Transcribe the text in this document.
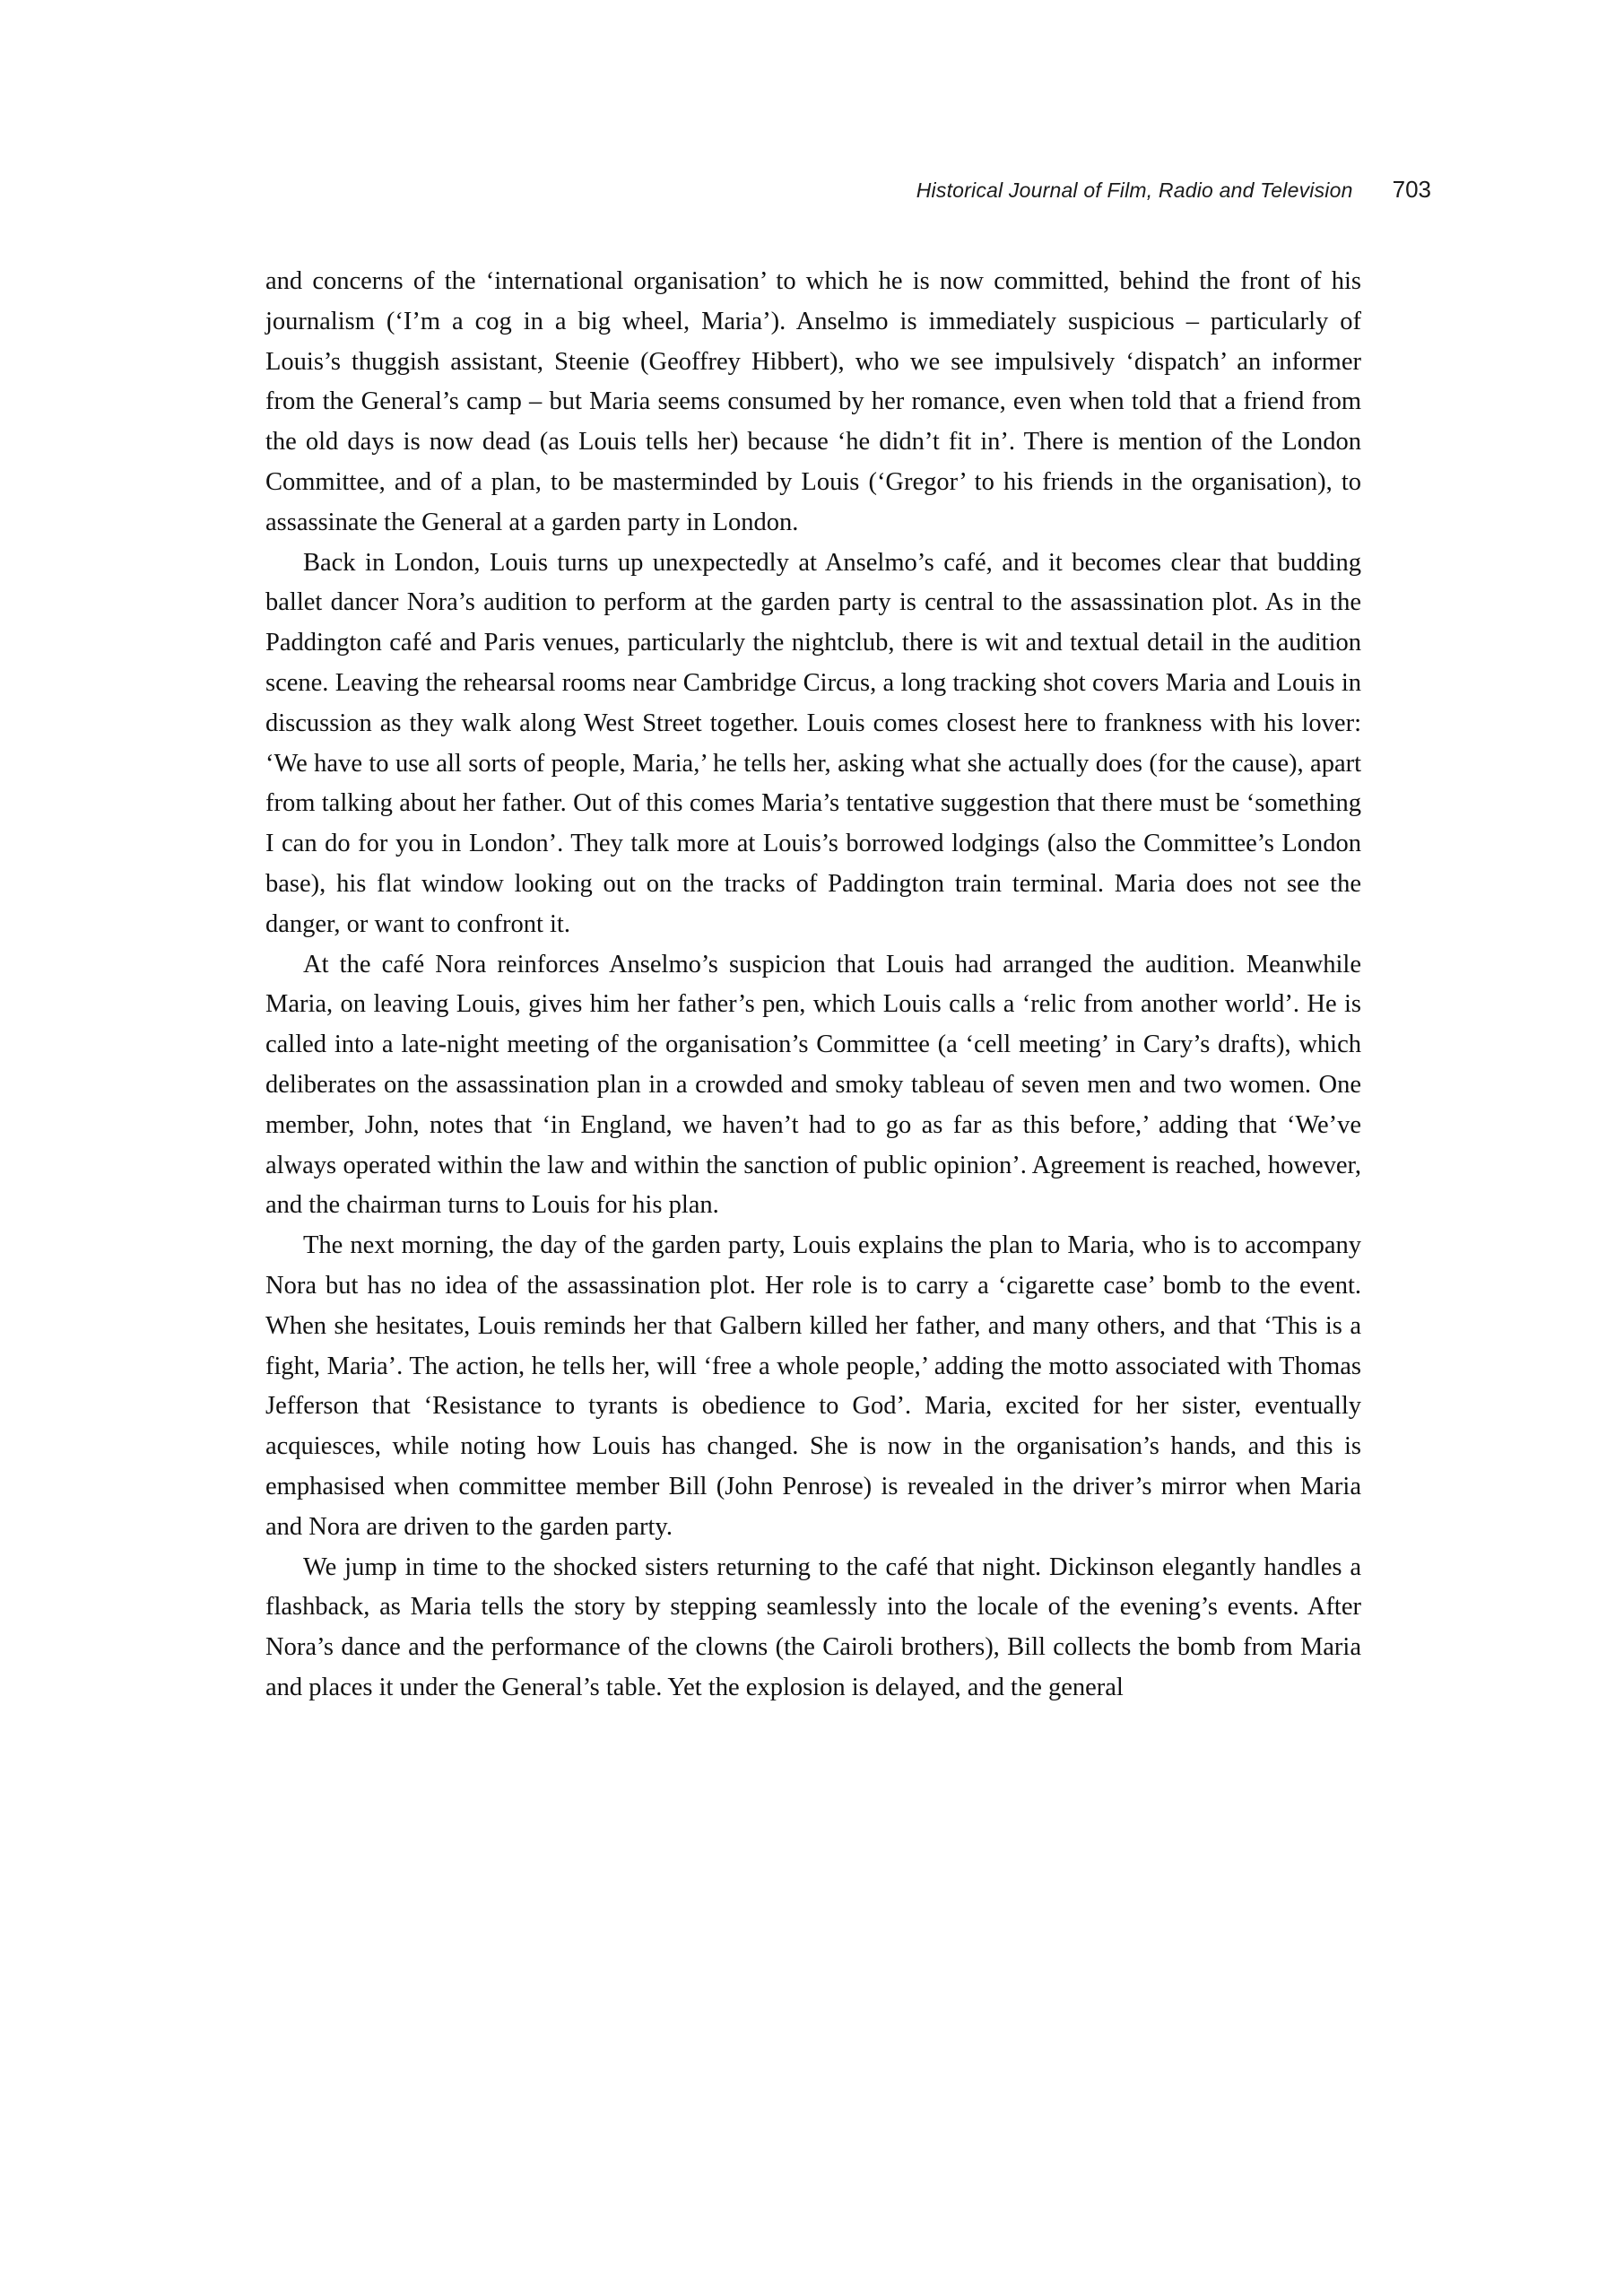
Historical Journal of Film, Radio and Television 703

and concerns of the ‘international organisation’ to which he is now committed, behind the front of his journalism (‘I’m a cog in a big wheel, Maria’). Anselmo is immediately suspicious – particularly of Louis’s thuggish assistant, Steenie (Geoffrey Hibbert), who we see impulsively ‘dispatch’ an informer from the General’s camp – but Maria seems consumed by her romance, even when told that a friend from the old days is now dead (as Louis tells her) because ‘he didn’t fit in’. There is mention of the London Committee, and of a plan, to be masterminded by Louis (‘Gregor’ to his friends in the organisation), to assassinate the General at a garden party in London.

Back in London, Louis turns up unexpectedly at Anselmo’s café, and it becomes clear that budding ballet dancer Nora’s audition to perform at the garden party is central to the assassination plot. As in the Paddington café and Paris venues, particularly the nightclub, there is wit and textual detail in the audition scene. Leaving the rehearsal rooms near Cambridge Circus, a long tracking shot covers Maria and Louis in discussion as they walk along West Street together. Louis comes closest here to frankness with his lover: ‘We have to use all sorts of people, Maria,’ he tells her, asking what she actually does (for the cause), apart from talking about her father. Out of this comes Maria’s tentative suggestion that there must be ‘something I can do for you in London’. They talk more at Louis’s borrowed lodgings (also the Committee’s London base), his flat window looking out on the tracks of Paddington train terminal. Maria does not see the danger, or want to confront it.

At the café Nora reinforces Anselmo’s suspicion that Louis had arranged the audition. Meanwhile Maria, on leaving Louis, gives him her father’s pen, which Louis calls a ‘relic from another world’. He is called into a late-night meeting of the organisation’s Committee (a ‘cell meeting’ in Cary’s drafts), which deliberates on the assassination plan in a crowded and smoky tableau of seven men and two women. One member, John, notes that ‘in England, we haven’t had to go as far as this before,’ adding that ‘We’ve always operated within the law and within the sanction of public opinion’. Agreement is reached, however, and the chairman turns to Louis for his plan.

The next morning, the day of the garden party, Louis explains the plan to Maria, who is to accompany Nora but has no idea of the assassination plot. Her role is to carry a ‘cigarette case’ bomb to the event. When she hesitates, Louis reminds her that Galbern killed her father, and many others, and that ‘This is a fight, Maria’. The action, he tells her, will ‘free a whole people,’ adding the motto associated with Thomas Jefferson that ‘Resistance to tyrants is obedience to God’. Maria, excited for her sister, eventually acquiesces, while noting how Louis has changed. She is now in the organisation’s hands, and this is emphasised when committee member Bill (John Penrose) is revealed in the driver’s mirror when Maria and Nora are driven to the garden party.

We jump in time to the shocked sisters returning to the café that night. Dickinson elegantly handles a flashback, as Maria tells the story by stepping seamlessly into the locale of the evening’s events. After Nora’s dance and the performance of the clowns (the Cairoli brothers), Bill collects the bomb from Maria and places it under the General’s table. Yet the explosion is delayed, and the general
